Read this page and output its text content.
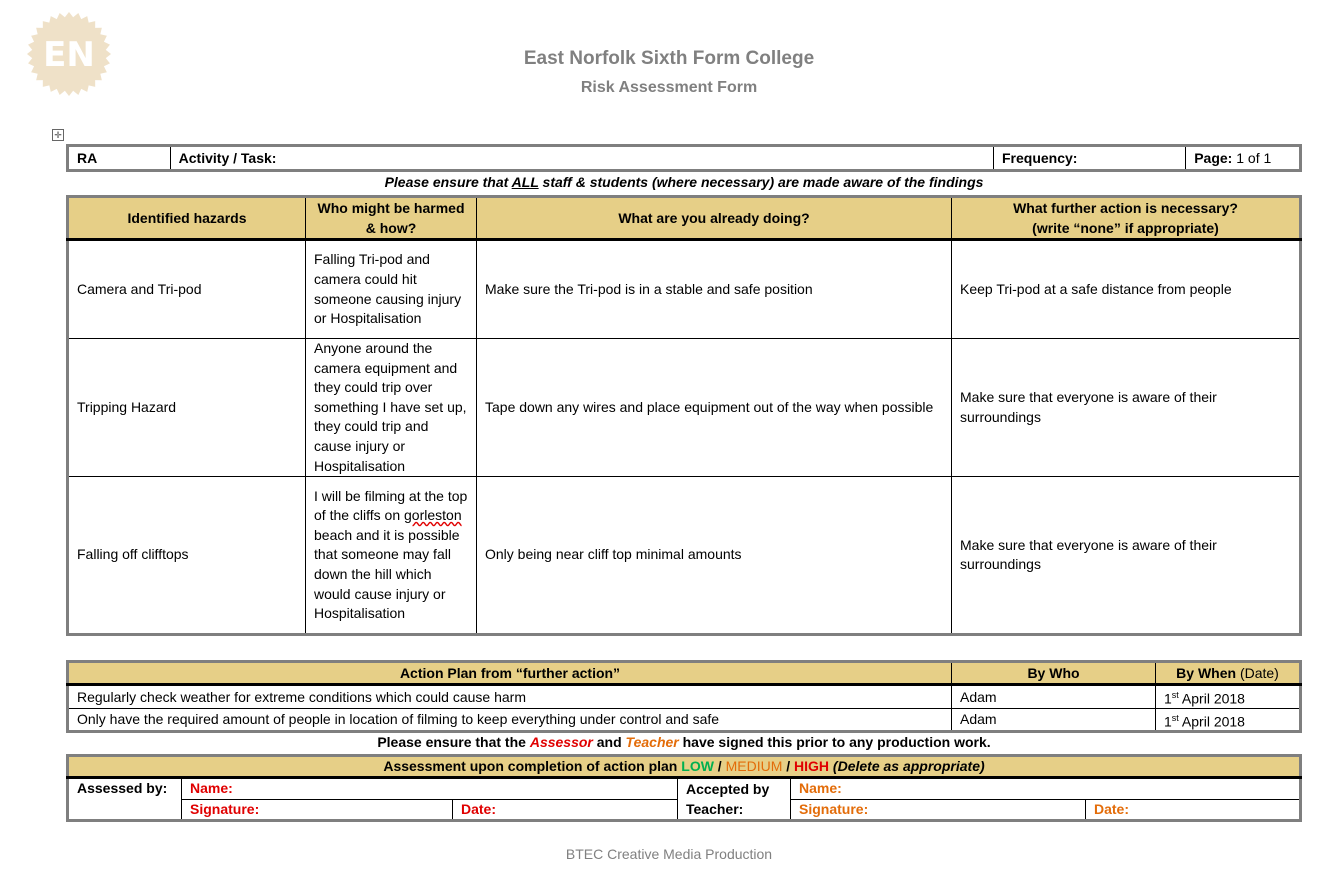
EN	East Norfolk Sixth Form College
Risk Assessment Form
✛
RA	Activity / Task:	Frequency:	Page: 1 of 1
Please ensure that ALL staff & students (where necessary) are made aware of the findings
Identified hazards	Who might be harmed & how?	What are you already doing?	What further action is necessary? (write “none” if appropriate)
Camera and Tri-pod	Falling Tri-pod and camera could hit someone causing injury or Hospitalisation	Make sure the Tri-pod is in a stable and safe position	Keep Tri-pod at a safe distance from people
Tripping Hazard	Anyone around the camera equipment and they could trip over something I have set up, they could trip and cause injury or Hospitalisation	Tape down any wires and place equipment out of the way when possible	Make sure that everyone is aware of their surroundings
Falling off clifftops	I will be filming at the top of the cliffs on gorleston beach and it is possible that someone may fall down the hill which would cause injury or Hospitalisation	Only being near cliff top minimal amounts	Make sure that everyone is aware of their surroundings
Action Plan from “further action”	By Who	By When (Date)
Regularly check weather for extreme conditions which could cause harm	Adam	1st April 2018
Only have the required amount of people in location of filming to keep everything under control and safe	Adam	1st April 2018
Please ensure that the Assessor and Teacher have signed this prior to any production work.
Assessment upon completion of action plan LOW / MEDIUM / HIGH (Delete as appropriate)					
Assessed by:	Name:		Accepted by Teacher:	Name:	
	Signature:	Date:		Signature:	Date:
BTEC Creative Media Production
